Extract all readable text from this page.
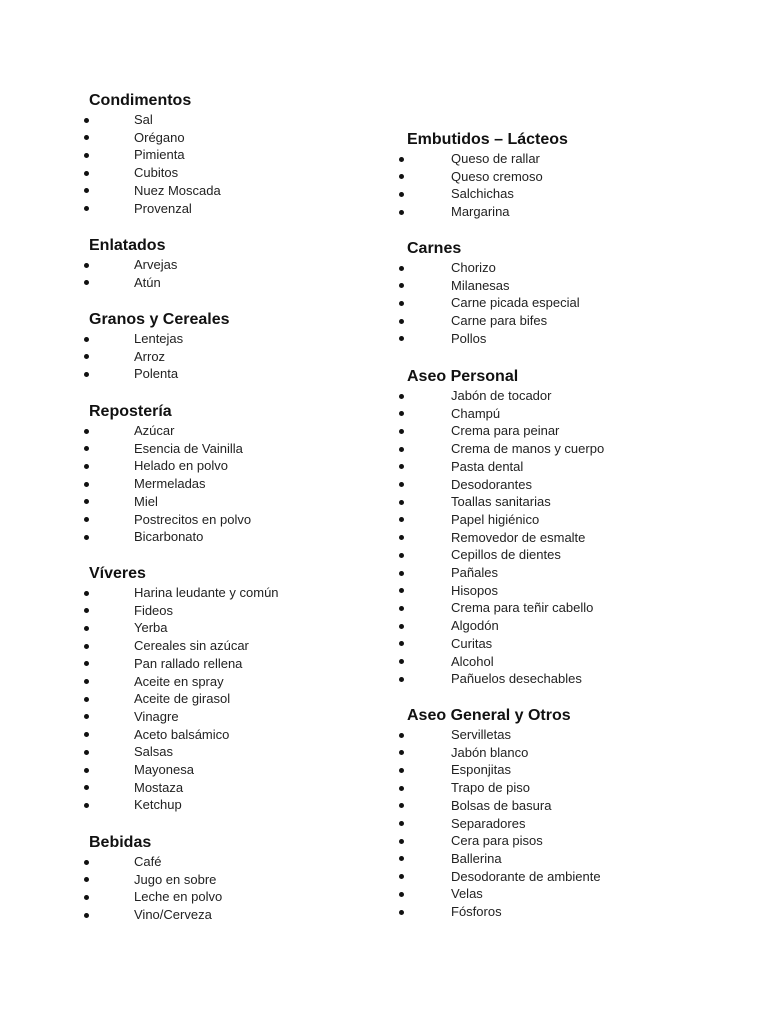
Condimentos
Sal
Orégano
Pimienta
Cubitos
Nuez Moscada
Provenzal
Enlatados
Arvejas
Atún
Granos y Cereales
Lentejas
Arroz
Polenta
Repostería
Azúcar
Esencia de Vainilla
Helado en polvo
Mermeladas
Miel
Postrecitos en polvo
Bicarbonato
Víveres
Harina leudante y común
Fideos
Yerba
Cereales sin azúcar
Pan rallado rellena
Aceite en spray
Aceite de girasol
Vinagre
Aceto balsámico
Salsas
Mayonesa
Mostaza
Ketchup
Bebidas
Café
Jugo en sobre
Leche en polvo
Vino/Cerveza
Embutidos – Lácteos
Queso de rallar
Queso cremoso
Salchichas
Margarina
Carnes
Chorizo
Milanesas
Carne picada especial
Carne para bifes
Pollos
Aseo Personal
Jabón de tocador
Champú
Crema para peinar
Crema de manos y cuerpo
Pasta dental
Desodorantes
Toallas sanitarias
Papel higiénico
Removedor de esmalte
Cepillos de dientes
Pañales
Hisopos
Crema para teñir cabello
Algodón
Curitas
Alcohol
Pañuelos desechables
Aseo General y Otros
Servilletas
Jabón blanco
Esponjitas
Trapo de piso
Bolsas de basura
Separadores
Cera para pisos
Ballerina
Desodorante de ambiente
Velas
Fósforos
